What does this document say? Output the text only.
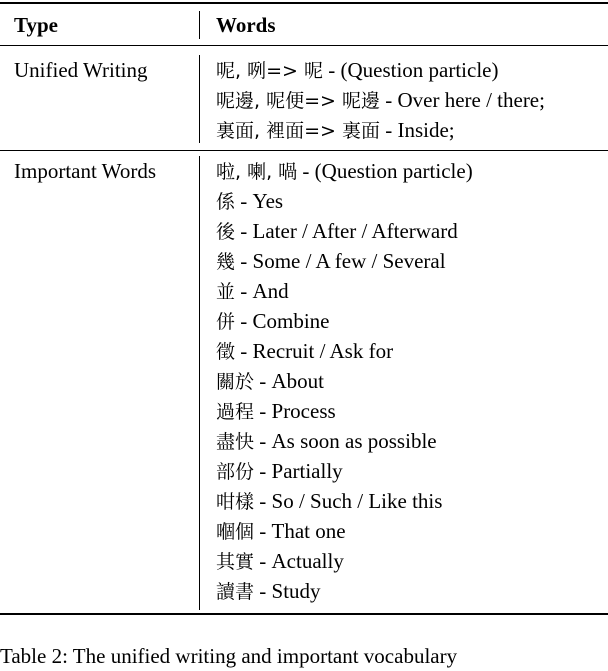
Type	Words
Unified Writing	呢, 咧=> 呢 - (Question particle)
呢邊, 呢便=> 呢邊 - Over here / there;
裏面, 裡面=> 裏面 - Inside;
Important Words	啦, 喇, 喎 - (Question particle)
係 - Yes
後 - Later / After / Afterward
幾 - Some / A few / Several
並 - And
併 - Combine
徵 - Recruit / Ask for
關於 - About
過程 - Process
盡快 - As soon as possible
部份 - Partially
咁樣 - So / Such / Like this
嗰個 - That one
其實 - Actually
讀書 - Study
Table 2: The unified writing and important vocabulary
